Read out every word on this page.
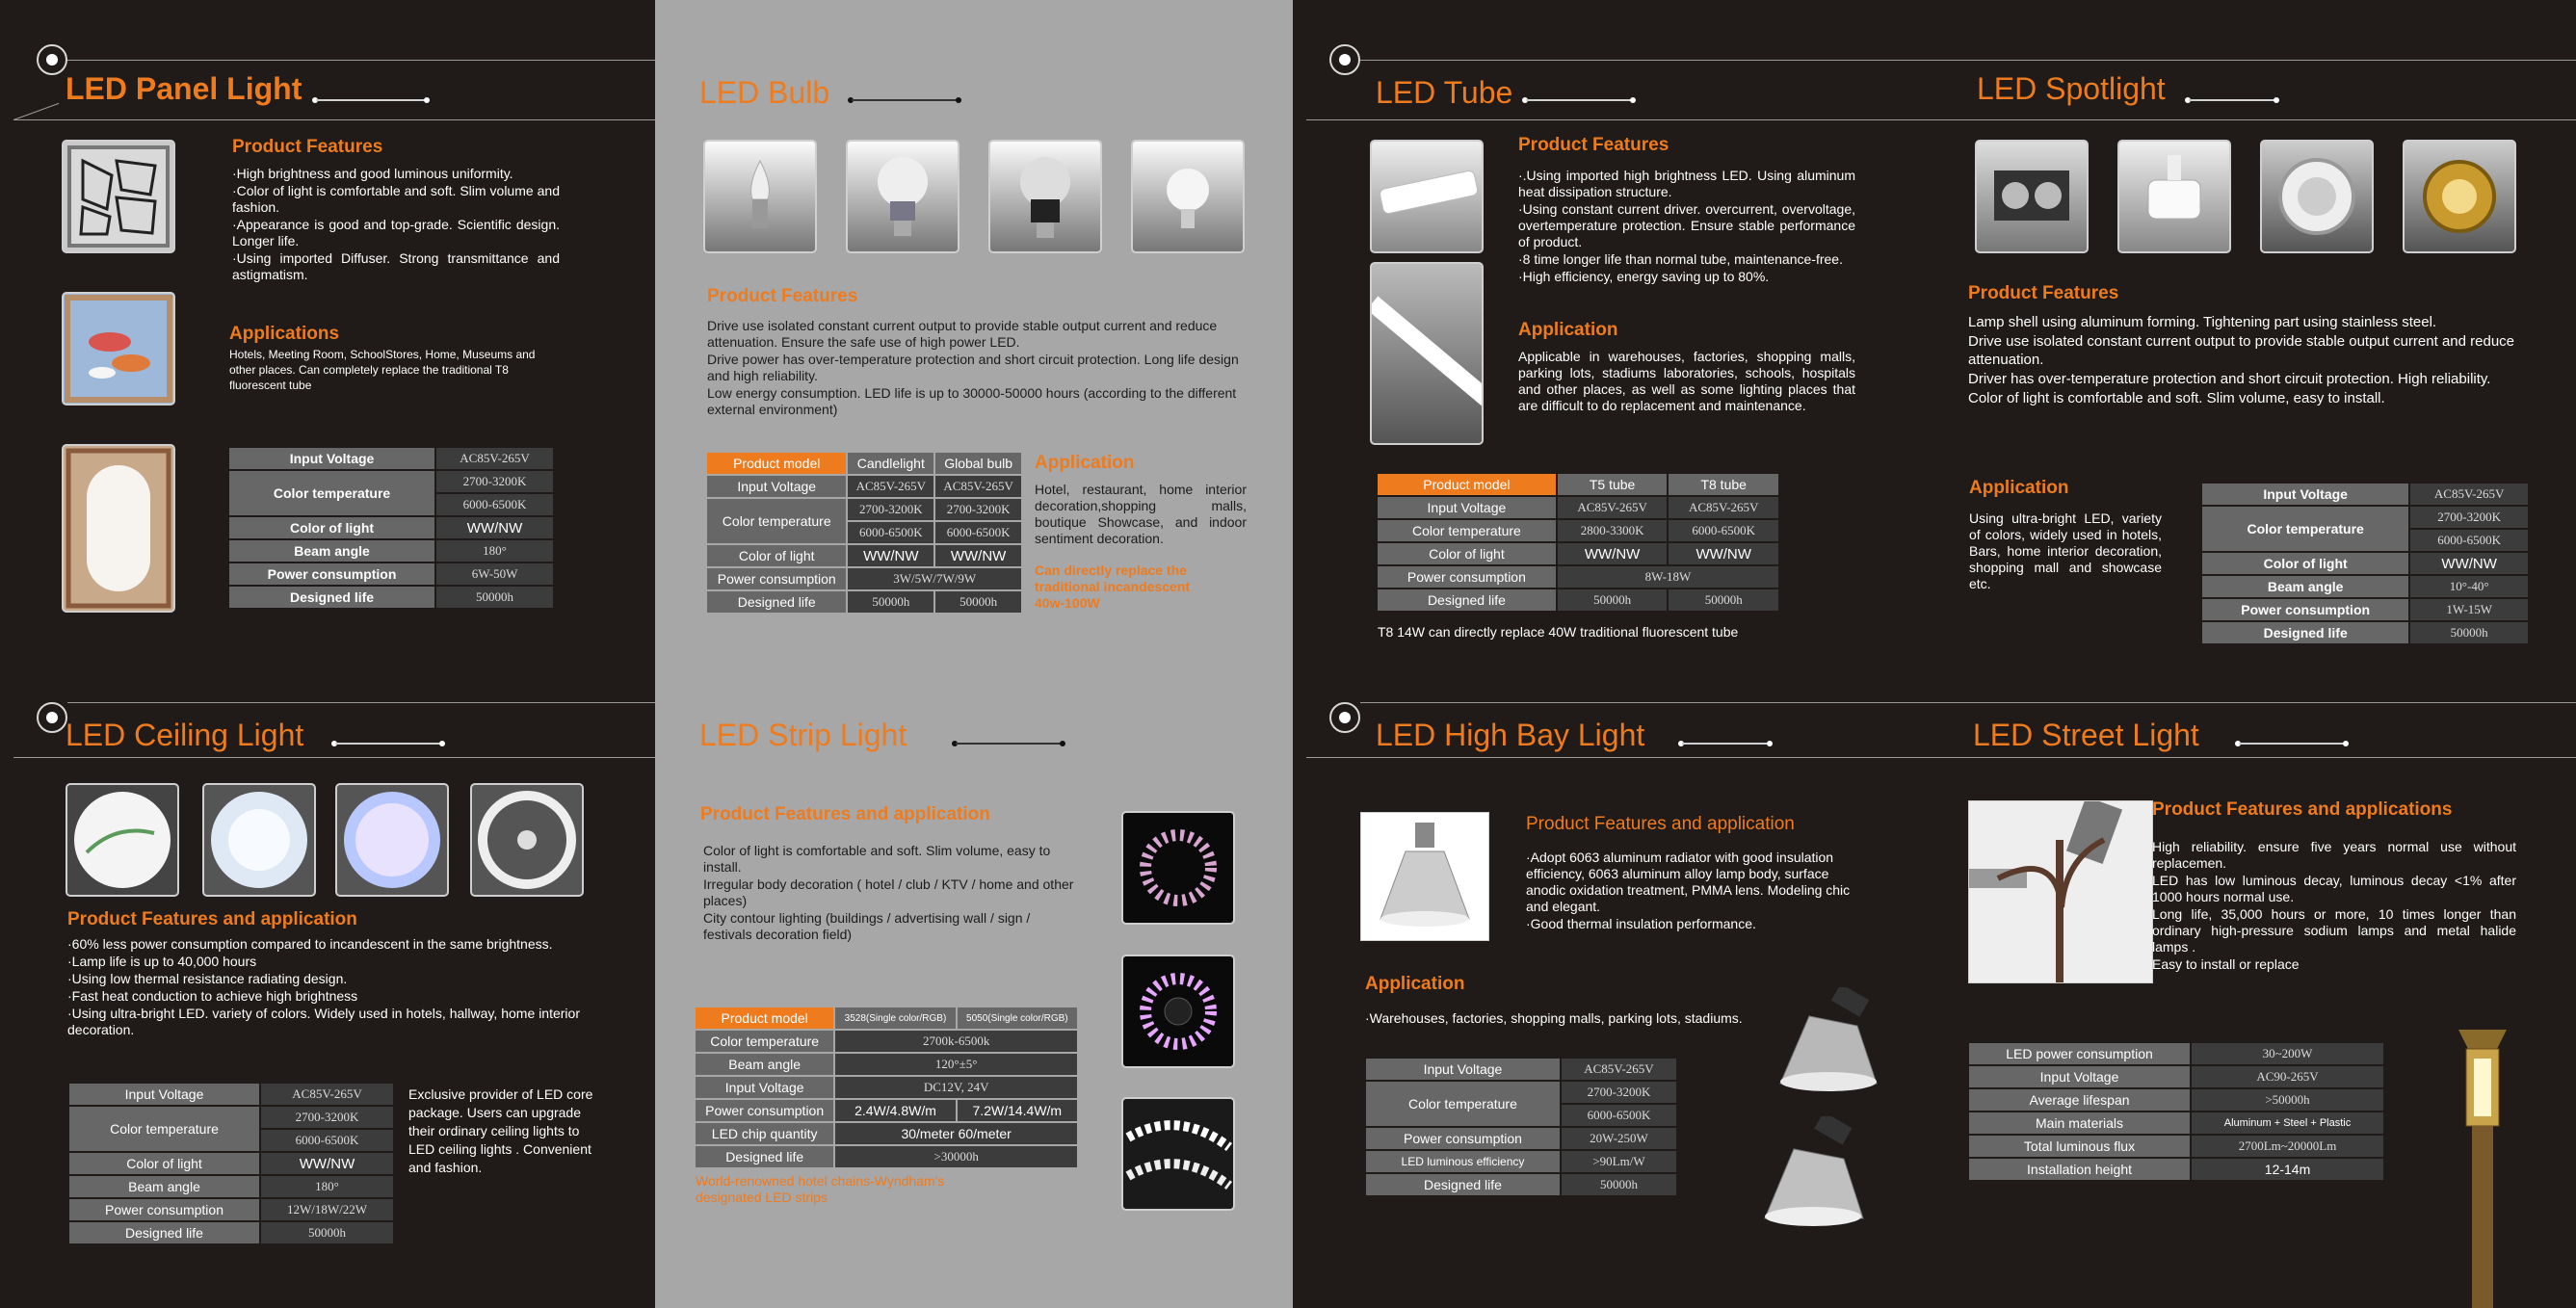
LED Panel Light
Product Features

·High brightness and good luminous uniformity.

·Color of light is comfortable and soft. Slim volume and fashion.

·Appearance is good and top-grade. Scientific design. Longer life.

·Using imported Diffuser. Strong transmittance and astigmatism.

Applications
Hotels, Meeting Room, SchoolStores, Home, Museums and other places. Can completely replace the traditional T8 fluorescent tube
Input Voltage	AC85V-265V
Color temperature	2700-3200K
	6000-6500K
Color of light	WW/NW
Beam angle	180°
Power consumption	6W-50W
Designed life	50000h
LED Bulb
Product Features

Drive use isolated constant current output to provide stable output current and reduce attenuation. Ensure the safe use of high power LED.

Drive power has over-temperature protection and short circuit protection. Long life design and high reliability.

Low energy consumption. LED life is up to 30000-50000 hours (according to the different external environment)

Product model	Candlelight	Global bulb
Input Voltage	AC85V-265V	AC85V-265V
Color temperature	2700-3200K	2700-3200K
	6000-6500K	6000-6500K
Color of light	WW/NW	WW/NW
Power consumption	3W/5W/7W/9W	
Designed life	50000h	50000h
Application

Hotel, restaurant, home interior decoration,shopping malls, boutique Showcase, and indoor sentiment decoration.

Can directly replace the traditional incandescent 40w-100W
LED Tube
Product Features

·.Using imported high brightness LED. Using aluminum heat dissipation structure.

·Using constant current driver. overcurrent, overvoltage, overtemperature protection. Ensure stable performance of product.

·8 time longer life than normal tube, maintenance-free.

·High efficiency, energy saving up to 80%.

Application

Applicable in warehouses, factories, shopping malls, parking lots, stadiums laboratories, schools, hospitals and other places, as well as some lighting places that are difficult to do replacement and maintenance.

Product model	T5 tube	T8 tube
Input Voltage	AC85V-265V	AC85V-265V
Color temperature	2800-3300K	6000-6500K
Color of light	WW/NW	WW/NW
Power consumption	8W-18W	
Designed life	50000h	50000h
T8 14W can directly replace 40W traditional fluorescent tube
LED Spotlight
Product Features

Lamp shell using aluminum forming. Tightening part using stainless steel.

Drive use isolated constant current output to provide stable output current and reduce attenuation.

Driver has over-temperature protection and short circuit protection. High reliability.

Color of light is comfortable and soft. Slim volume, easy to install.

Application

Using ultra-bright LED, variety of colors, widely used in hotels, Bars, home interior decoration, shopping mall and showcase etc.

Input Voltage	AC85V-265V
Color temperature	2700-3200K
	6000-6500K
Color of light	WW/NW
Beam angle	10°-40°
Power consumption	1W-15W
Designed life	50000h
LED Ceiling Light
Product Features and application

·60% less power consumption compared to incandescent in the same brightness.

·Lamp life is up to 40,000 hours

·Using low thermal resistance radiating design.

·Fast heat conduction to achieve high brightness

·Using ultra-bright LED. variety of colors. Widely used in hotels, hallway, home interior decoration.

Input Voltage	AC85V-265V
Color temperature	2700-3200K
	6000-6500K
Color of light	WW/NW
Beam angle	180°
Power consumption	12W/18W/22W
Designed life	50000h
Exclusive provider of LED core package. Users can upgrade their ordinary ceiling lights to LED ceiling lights . Convenient and fashion.
LED Strip Light
Product Features and application

Color of light is comfortable and soft. Slim volume, easy to install.

Irregular body decoration ( hotel / club / KTV / home and other places)

City contour lighting (buildings / advertising wall / sign / festivals decoration field)

Product model	3528(Single color/RGB)	5050(Single color/RGB)
Color temperature	2700k-6500k	
Beam angle	120°±5°	
Input Voltage	DC12V, 24V	
Power consumption	2.4W/4.8W/m	7.2W/14.4W/m
LED chip quantity	30/meter 60/meter	
Designed life	>30000h	
World-renowned hotel chains-Wyndham's designated LED strips
LED High Bay Light
Product Features and application

·Adopt 6063 aluminum radiator with good insulation efficiency, 6063 aluminum alloy lamp body, surface anodic oxidation treatment, PMMA lens. Modeling chic and elegant.

·Good thermal insulation performance.

Application
·Warehouses, factories, shopping malls, parking lots, stadiums.
Input Voltage	AC85V-265V
Color temperature	2700-3200K
	6000-6500K
Power consumption	20W-250W
LED luminous efficiency	>90Lm/W
Designed life	50000h
LED Street Light
Product Features and applications

High reliability. ensure five years normal use without replacemen.

LED has low luminous decay, luminous decay <1% after 1000 hours normal use.

Long life, 35,000 hours or more, 10 times longer than ordinary high-pressure sodium lamps and metal halide lamps .

Easy to install or replace

LED power consumption	30~200W
Input Voltage	AC90-265V
Average lifespan	>50000h
Main materials	Aluminum + Steel + Plastic
Total luminous flux	2700Lm~20000Lm
Installation height	12-14m
